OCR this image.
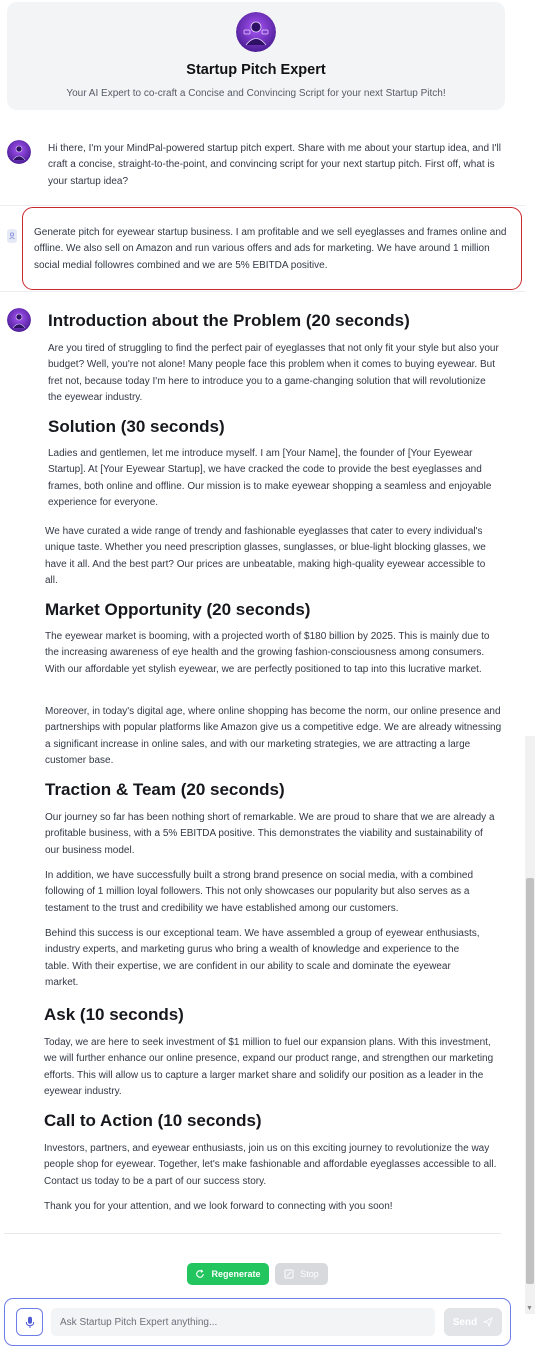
Startup Pitch Expert
Your AI Expert to co-craft a Concise and Convincing Script for your next Startup Pitch!
Hi there, I'm your MindPal-powered startup pitch expert. Share with me about your startup idea, and I'll craft a concise, straight-to-the-point, and convincing script for your next startup pitch. First off, what is your startup idea?
Generate pitch for eyewear startup business. I am profitable and we sell eyeglasses and frames online and offline. We also sell on Amazon and run various offers and ads for marketing. We have around 1 million social medial followres combined and we are 5% EBITDA positive.
Introduction about the Problem (20 seconds)
Are you tired of struggling to find the perfect pair of eyeglasses that not only fit your style but also your budget? Well, you're not alone! Many people face this problem when it comes to buying eyewear. But fret not, because today I'm here to introduce you to a game-changing solution that will revolutionize the eyewear industry.
Solution (30 seconds)
Ladies and gentlemen, let me introduce myself. I am [Your Name], the founder of [Your Eyewear Startup]. At [Your Eyewear Startup], we have cracked the code to provide the best eyeglasses and frames, both online and offline. Our mission is to make eyewear shopping a seamless and enjoyable experience for everyone.
We have curated a wide range of trendy and fashionable eyeglasses that cater to every individual's unique taste. Whether you need prescription glasses, sunglasses, or blue-light blocking glasses, we have it all. And the best part? Our prices are unbeatable, making high-quality eyewear accessible to all.
Market Opportunity (20 seconds)
The eyewear market is booming, with a projected worth of $180 billion by 2025. This is mainly due to the increasing awareness of eye health and the growing fashion-consciousness among consumers. With our affordable yet stylish eyewear, we are perfectly positioned to tap into this lucrative market.
Moreover, in today's digital age, where online shopping has become the norm, our online presence and partnerships with popular platforms like Amazon give us a competitive edge. We are already witnessing a significant increase in online sales, and with our marketing strategies, we are attracting a large customer base.
Traction & Team (20 seconds)
Our journey so far has been nothing short of remarkable. We are proud to share that we are already a profitable business, with a 5% EBITDA positive. This demonstrates the viability and sustainability of our business model.
In addition, we have successfully built a strong brand presence on social media, with a combined following of 1 million loyal followers. This not only showcases our popularity but also serves as a testament to the trust and credibility we have established among our customers.
Behind this success is our exceptional team. We have assembled a group of eyewear enthusiasts, industry experts, and marketing gurus who bring a wealth of knowledge and experience to the table. With their expertise, we are confident in our ability to scale and dominate the eyewear market.
Ask (10 seconds)
Today, we are here to seek investment of $1 million to fuel our expansion plans. With this investment, we will further enhance our online presence, expand our product range, and strengthen our marketing efforts. This will allow us to capture a larger market share and solidify our position as a leader in the eyewear industry.
Call to Action (10 seconds)
Investors, partners, and eyewear enthusiasts, join us on this exciting journey to revolutionize the way people shop for eyewear. Together, let's make fashionable and affordable eyeglasses accessible to all. Contact us today to be a part of our success story.
Thank you for your attention, and we look forward to connecting with you soon!
▼
Regenerate	Stop
Ask Startup Pitch Expert anything...
Send
